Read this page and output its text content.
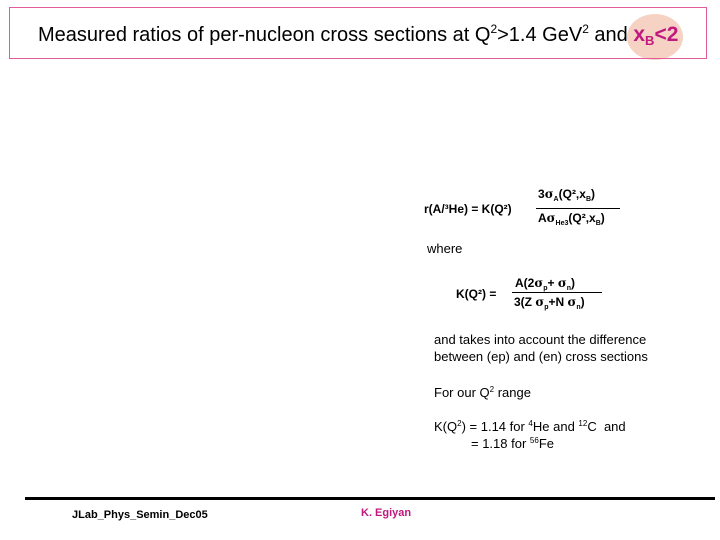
Measured ratios of per-nucleon cross sections at $Q^2>1.4$ GeV$^2$ and
$x_B<2$
r(A/³He) = K(Q²)
$3\sigma_A(Q^2,x_B)$
$A\sigma_{He3}(Q^2,x_B)$
where
K(Q²) =
$A(2\sigma_p+ \sigma_n)$
3(Z $\sigma_p+N$ $\sigma_n$)
and takes into account the difference
between (ep) and (en) cross sections
For our $Q^2$ range
$K(Q^2) = 1.14$ for $^4$He and $^{12}$C  and
= 1.18 for $^{56}$Fe
JLab_Phys_Semin_Dec05	K. Egiyan
